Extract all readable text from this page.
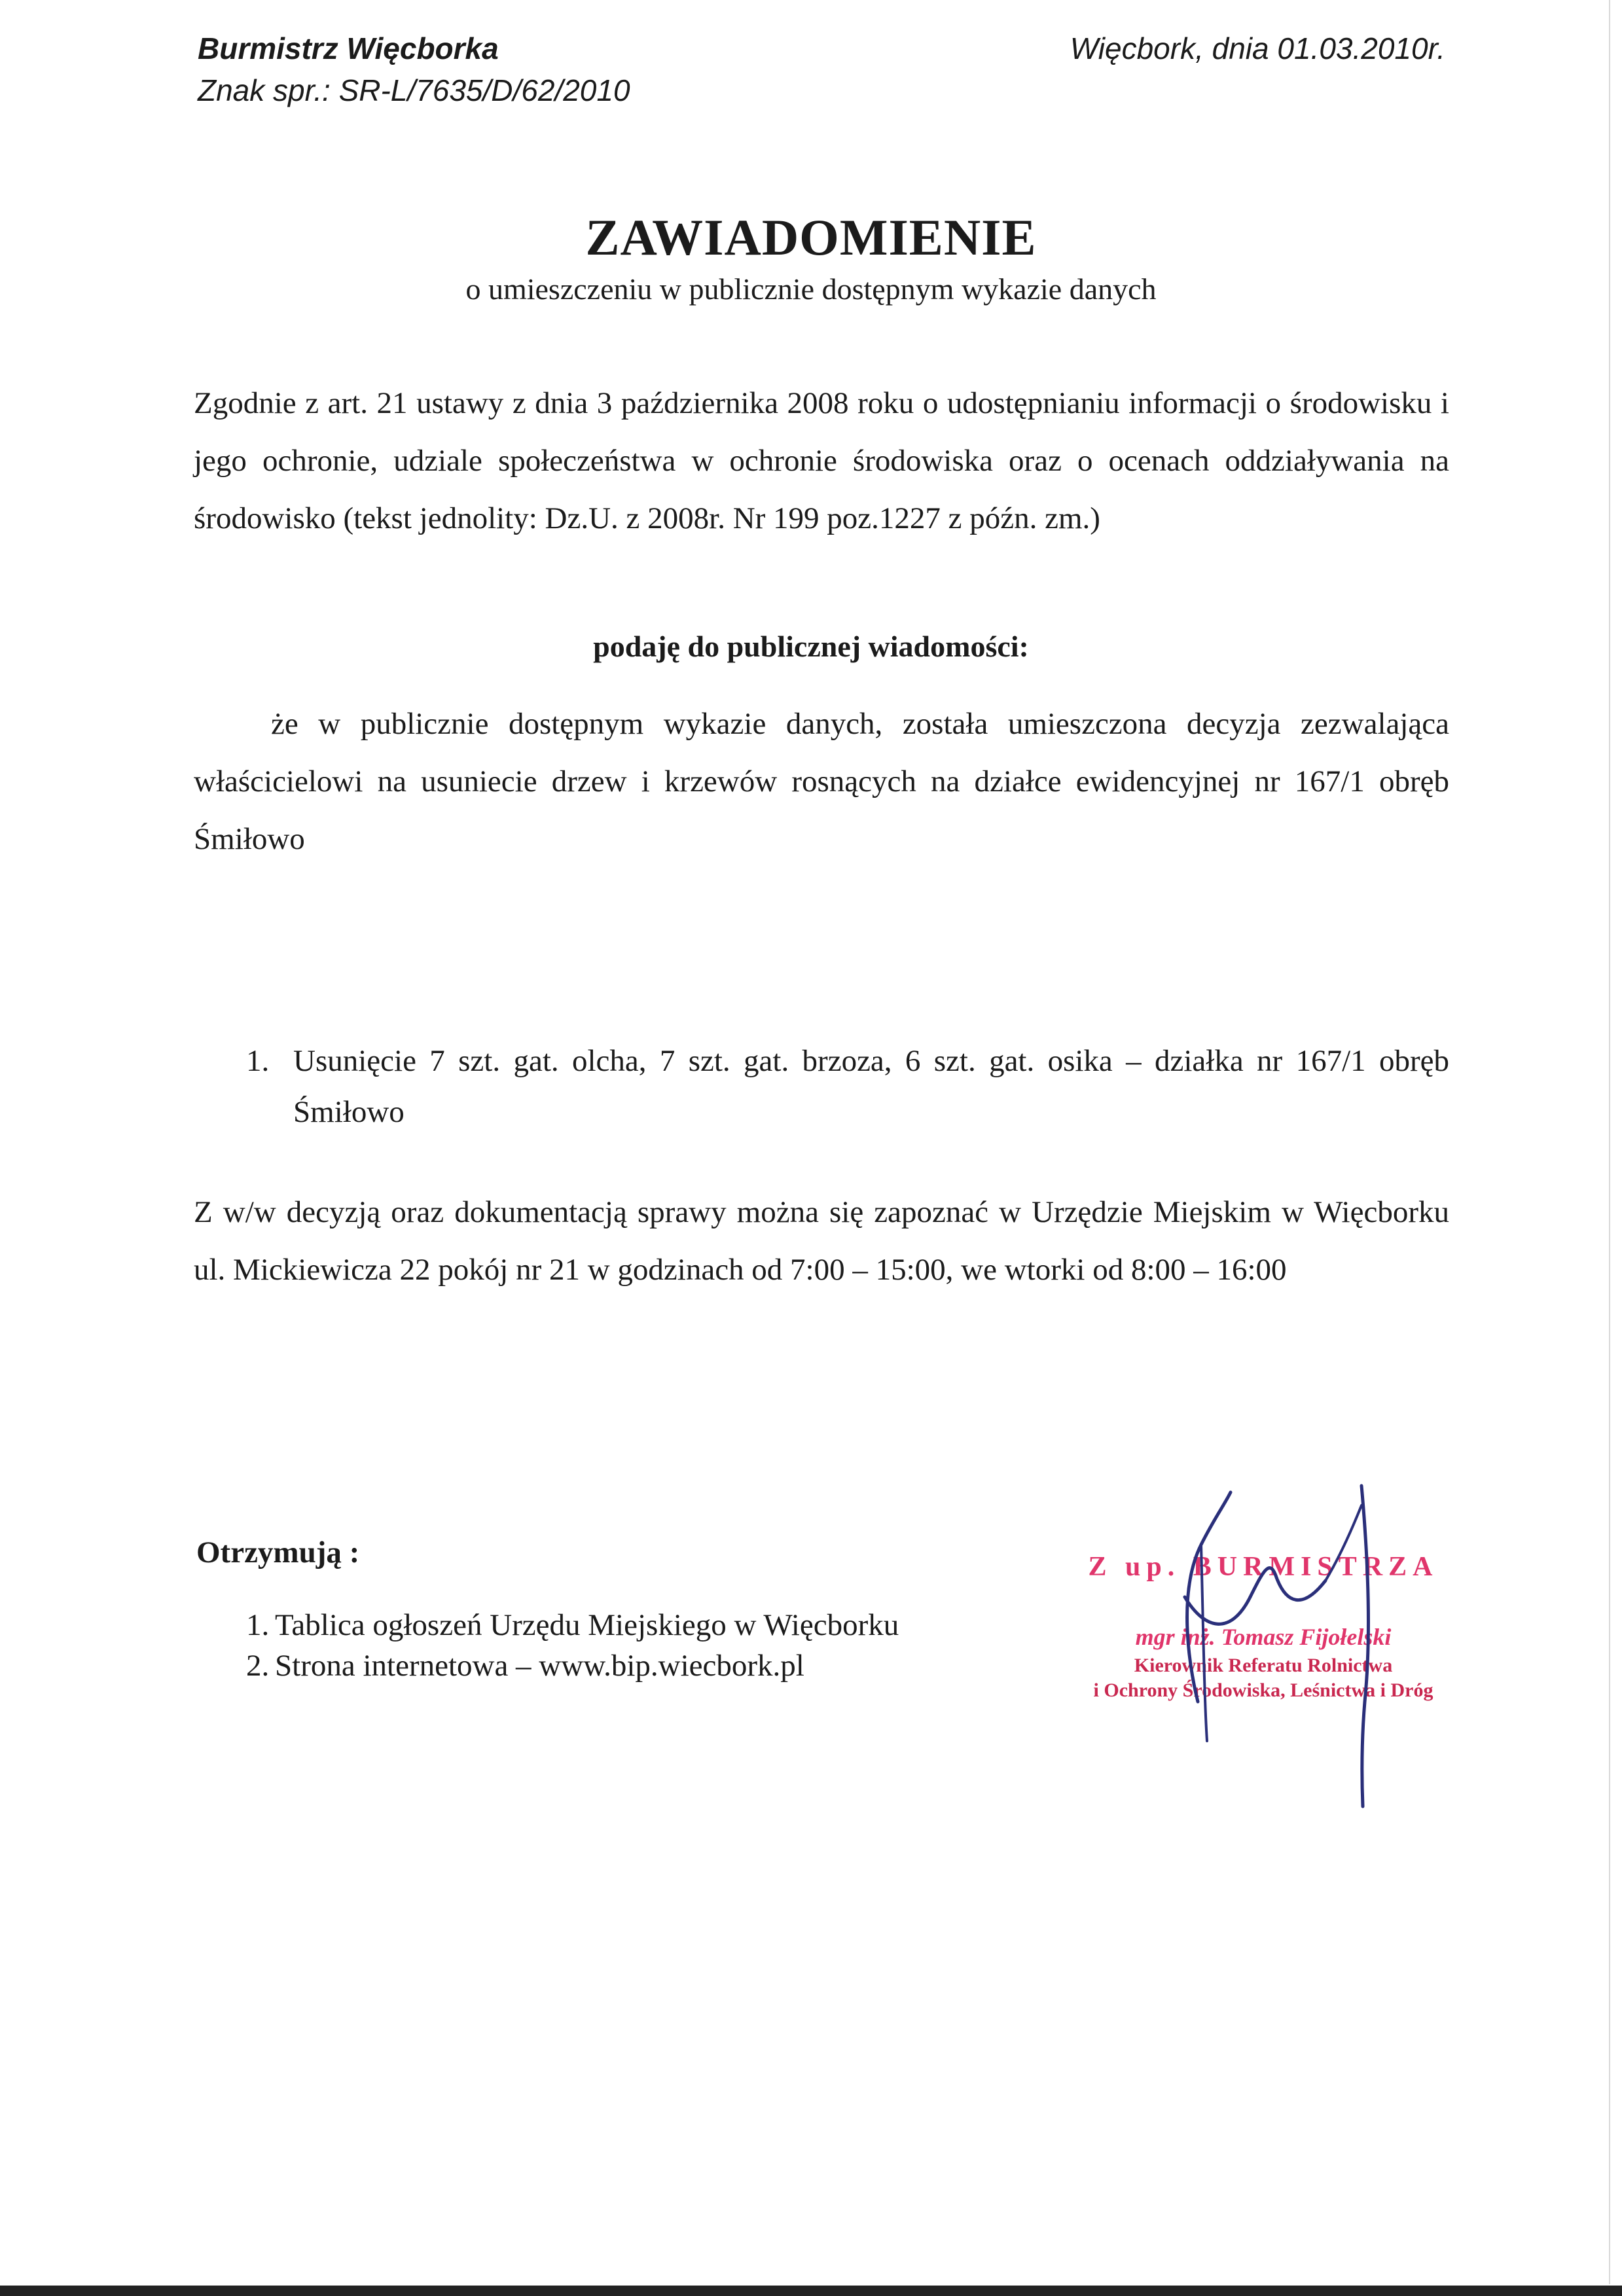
Burmistrz Więcborka
Znak spr.: SR-L/7635/D/62/2010
Więcbork, dnia 01.03.2010r.
ZAWIADOMIENIE
o umieszczeniu w publicznie dostępnym wykazie danych
Zgodnie z art. 21 ustawy z dnia 3 października 2008 roku o udostępnianiu informacji o środowisku i jego ochronie, udziale społeczeństwa w ochronie środowiska oraz o ocenach oddziaływania na środowisko (tekst jednolity: Dz.U. z 2008r. Nr 199 poz.1227 z późn. zm.)
podaję do publicznej wiadomości:
że w publicznie dostępnym wykazie danych, została umieszczona decyzja zezwalająca właścicielowi na usuniecie drzew i krzewów rosnących na działce ewidencyjnej nr 167/1 obręb Śmiłowo
1. Usunięcie 7 szt. gat. olcha, 7 szt. gat. brzoza, 6 szt. gat. osika – działka nr 167/1 obręb Śmiłowo
Z w/w decyzją oraz dokumentacją sprawy można się zapoznać w Urzędzie Miejskim w Więcborku ul. Mickiewicza 22 pokój nr 21 w godzinach od 7:00 – 15:00, we wtorki od 8:00 – 16:00
Otrzymują :
1. Tablica ogłoszeń Urzędu Miejskiego w Więcborku
2. Strona internetowa – www.bip.wiecbork.pl
Z up. BURMISTRZA
mgr inż. Tomasz Fijołelski
Kierownik Referatu Rolnictwa
i Ochrony Środowiska, Leśnictwa i Dróg
